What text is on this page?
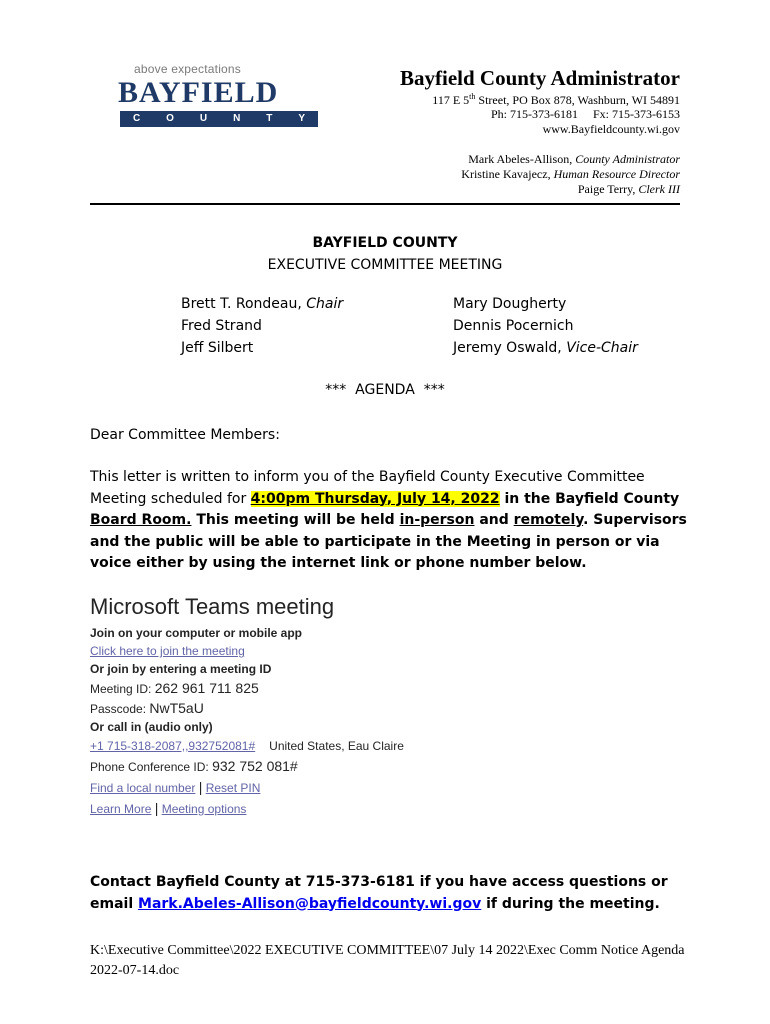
above expectations
BAYFIELD
C	O	U	N	T	Y
Bayfield County Administrator
117 E 5th Street, PO Box 878, Washburn, WI 54891
Ph: 715-373-6181     Fx: 715-373-6153
www.Bayfieldcounty.wi.gov
Mark Abeles-Allison, County Administrator
Kristine Kavajecz, Human Resource Director
Paige Terry, Clerk III
BAYFIELD COUNTY
EXECUTIVE COMMITTEE MEETING
Brett T. Rondeau, Chair
Fred Strand
Jeff Silbert
Mary Dougherty
Dennis Pocernich
Jeremy Oswald, Vice-Chair
***  AGENDA  ***
Dear Committee Members:
This letter is written to inform you of the Bayfield County Executive Committee Meeting scheduled for 4:00pm Thursday, July 14, 2022 in the Bayfield County Board Room. This meeting will be held in-person and remotely. Supervisors and the public will be able to participate in the Meeting in person or via voice either by using the internet link or phone number below.
Microsoft Teams meeting
Join on your computer or mobile app
Click here to join the meeting
Or join by entering a meeting ID
Meeting ID: 262 961 711 825
Passcode: NwT5aU
Or call in (audio only)
+1 715-318-2087,,932752081# United States, Eau Claire
Phone Conference ID: 932 752 081#
Find a local number | Reset PIN
Learn More | Meeting options
Contact Bayfield County at 715-373-6181 if you have access questions or email Mark.Abeles-Allison@bayfieldcounty.wi.gov if during the meeting.
K:\Executive Committee\2022 EXECUTIVE COMMITTEE\07 July 14 2022\Exec Comm Notice Agenda 2022-07-14.doc
